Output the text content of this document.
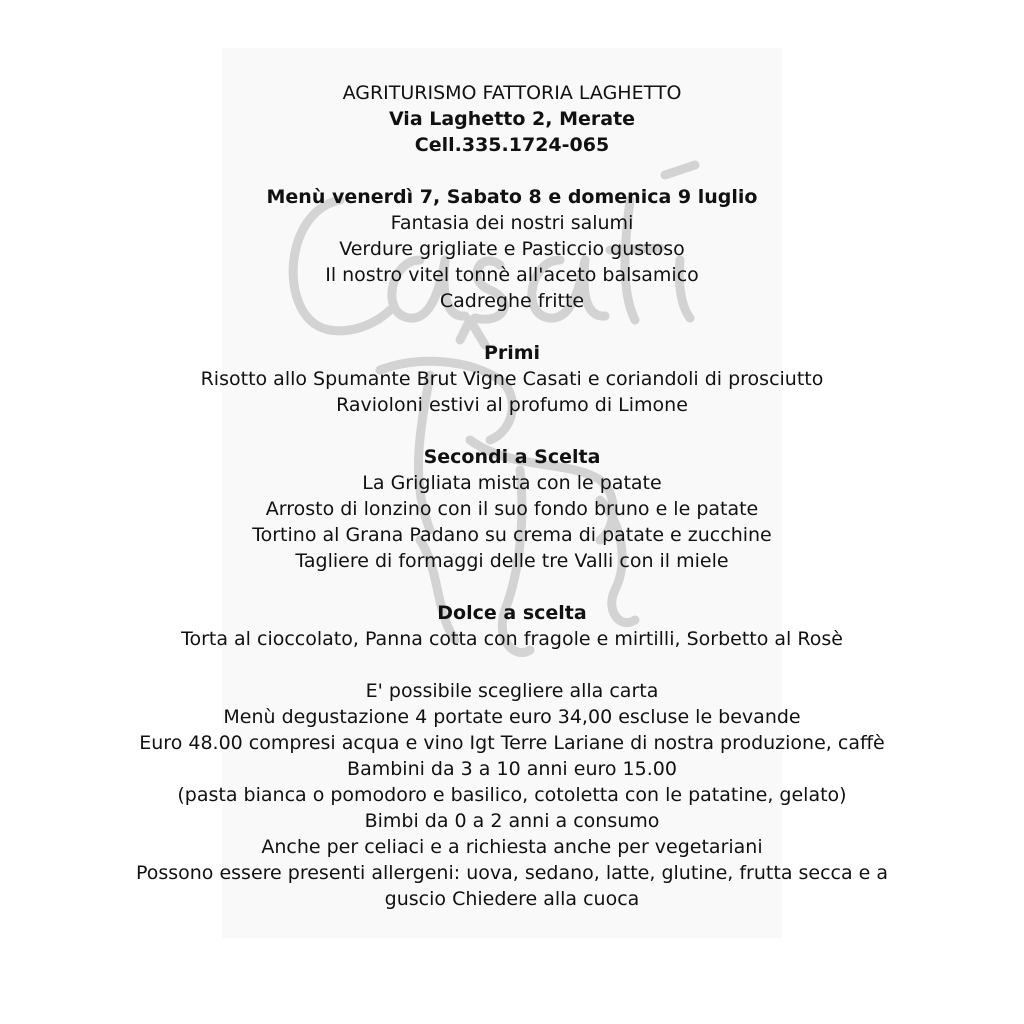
AGRITURISMO FATTORIA LAGHETTO
Via Laghetto 2, Merate
Cell.335.1724-065
Menù venerdì 7, Sabato 8 e domenica 9 luglio
Fantasia dei nostri salumi
Verdure grigliate e Pasticcio gustoso
Il nostro vitel tonnè all'aceto balsamico
Cadreghe fritte
Primi
Risotto allo Spumante Brut Vigne Casati e coriandoli di prosciutto
Ravioloni estivi al profumo di Limone
Secondi a Scelta
La Grigliata mista con le patate
Arrosto di lonzino con il suo fondo bruno e le patate
Tortino al Grana Padano su crema di patate e zucchine
Tagliere di formaggi delle tre Valli con il miele
Dolce a scelta
Torta al cioccolato, Panna cotta con fragole e mirtilli, Sorbetto al Rosè
E' possibile scegliere alla carta
Menù degustazione 4 portate euro 34,00 escluse le bevande
Euro 48.00 compresi acqua e vino Igt Terre Lariane di nostra produzione, caffè
Bambini da 3 a 10 anni euro 15.00
(pasta bianca o pomodoro e basilico, cotoletta con le patatine, gelato)
Bimbi da 0 a 2 anni a consumo
Anche per celiaci e a richiesta anche per vegetariani
Possono essere presenti allergeni: uova, sedano, latte, glutine, frutta secca e a
guscio Chiedere alla cuoca
